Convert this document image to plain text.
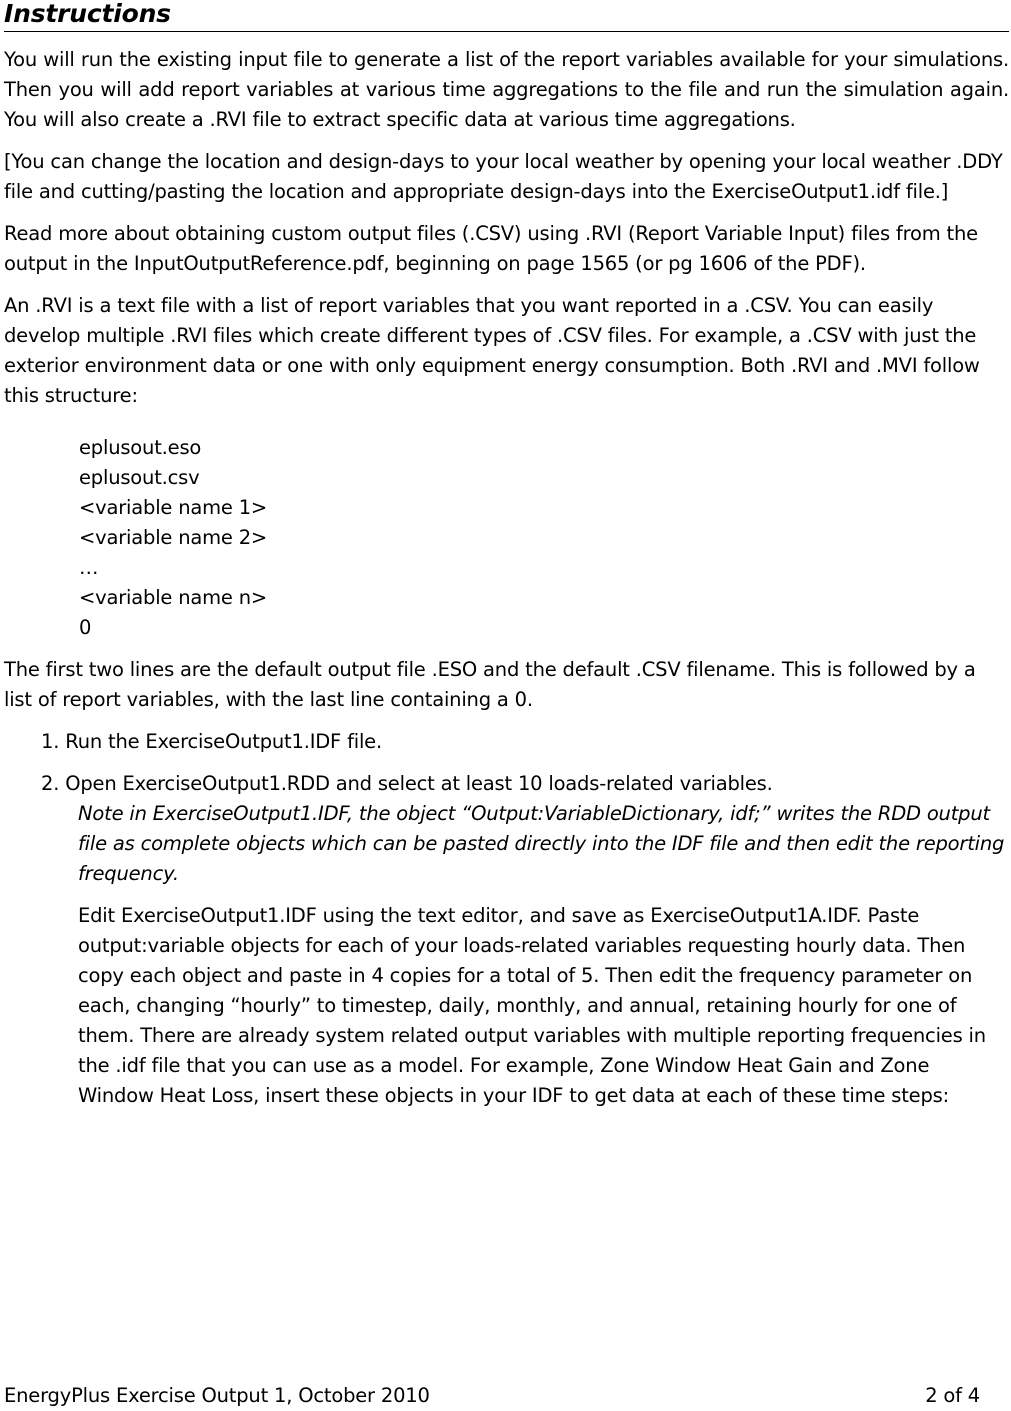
Instructions

You will run the existing input file to generate a list of the report variables available for your simulations. Then you will add report variables at various time aggregations to the file and run the simulation again. You will also create a .RVI file to extract specific data at various time aggregations.

[You can change the location and design-days to your local weather by opening your local weather .DDY file and cutting/pasting the location and appropriate design-days into the ExerciseOutput1.idf file.]

Read more about obtaining custom output files (.CSV) using .RVI (Report Variable Input) files from the output in the InputOutputReference.pdf, beginning on page 1565 (or pg 1606 of the PDF).

An .RVI is a text file with a list of report variables that you want reported in a .CSV. You can easily develop multiple .RVI files which create different types of .CSV files. For example, a .CSV with just the exterior environment data or one with only equipment energy consumption. Both .RVI and .MVI follow this structure:

eplusout.eso
eplusout.csv
<variable name 1>
<variable name 2>
…
<variable name n>
0

The first two lines are the default output file .ESO and the default .CSV filename. This is followed by a list of report variables, with the last line containing a 0.

1. Run the ExerciseOutput1.IDF file.
2. Open ExerciseOutput1.RDD and select at least 10 loads-related variables.
Note in ExerciseOutput1.IDF, the object “Output:VariableDictionary, idf;” writes the RDD output file as complete objects which can be pasted directly into the IDF file and then edit the reporting frequency.

Edit ExerciseOutput1.IDF using the text editor, and save as ExerciseOutput1A.IDF. Paste output:variable objects for each of your loads-related variables requesting hourly data. Then copy each object and paste in 4 copies for a total of 5. Then edit the frequency parameter on each, changing “hourly” to timestep, daily, monthly, and annual, retaining hourly for one of them. There are already system related output variables with multiple reporting frequencies in the .idf file that you can use as a model. For example, Zone Window Heat Gain and Zone Window Heat Loss, insert these objects in your IDF to get data at each of these time steps:

EnergyPlus Exercise Output 1, October 2010	2 of 4
